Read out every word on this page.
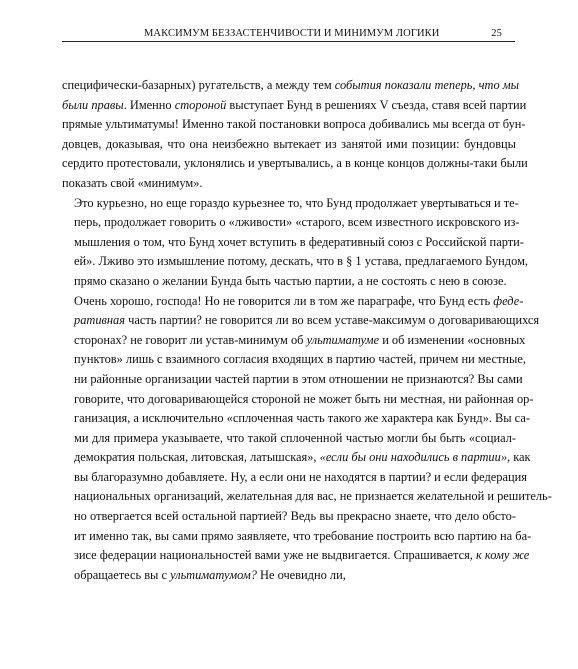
МАКСИМУМ БЕЗЗАСТЕНЧИВОСТИ И МИНИМУМ ЛОГИКИ	25

специфически-базарных) ругательств, а между тем события показали теперь, что мы
были правы. Именно стороной выступает Бунд в решениях V съезда, ставя всей партии
прямые ультиматумы! Именно такой постановки вопроса добивались мы всегда от бун-
довцев, доказывая, что она неизбежно вытекает из занятой ими позиции: бундовцы
сердито протестовали, уклонялись и увертывались, а в конце концов должны-таки были
показать свой «минимум».

Это курьезно, но еще гораздо курьезнее то, что Бунд продолжает увертываться и те-
перь, продолжает говорить о «лживости» «старого, всем известного искровского из-
мышления о том, что Бунд хочет вступить в федеративный союз с Российской парти-
ей». Лживо это измышление потому, дескать, что в § 1 устава, предлагаемого Бундом,
прямо сказано о желании Бунда быть частью партии, а не состоять с нею в союзе.

Очень хорошо, господа! Но не говорится ли в том же параграфе, что Бунд есть феде-
ративная часть партии? не говорится ли во всем уставе-максимум о договаривающихся
сторонах? не говорит ли устав-минимум об ультиматуме и об изменении «основных
пунктов» лишь с взаимного согласия входящих в партию частей, причем ни местные,
ни районные организации частей партии в этом отношении не признаются? Вы сами
говорите, что договаривающейся стороной не может быть ни местная, ни районная ор-
ганизация, а исключительно «сплоченная часть такого же характера как Бунд». Вы са-
ми для примера указываете, что такой сплоченной частью могли бы быть «социал-
демократия польская, литовская, латышская», «если бы они находились в партии», как
вы благоразумно добавляете. Ну, а если они не находятся в партии? и если федерация
национальных организаций, желательная для вас, не признается желательной и решитель-
но отвергается всей остальной партией? Ведь вы прекрасно знаете, что дело обсто-
ит именно так, вы сами прямо заявляете, что требование построить всю партию на ба-
зисе федерации национальностей вами уже не выдвигается. Спрашивается, к кому же
обращаетесь вы с ультиматумом? Не очевидно ли,
